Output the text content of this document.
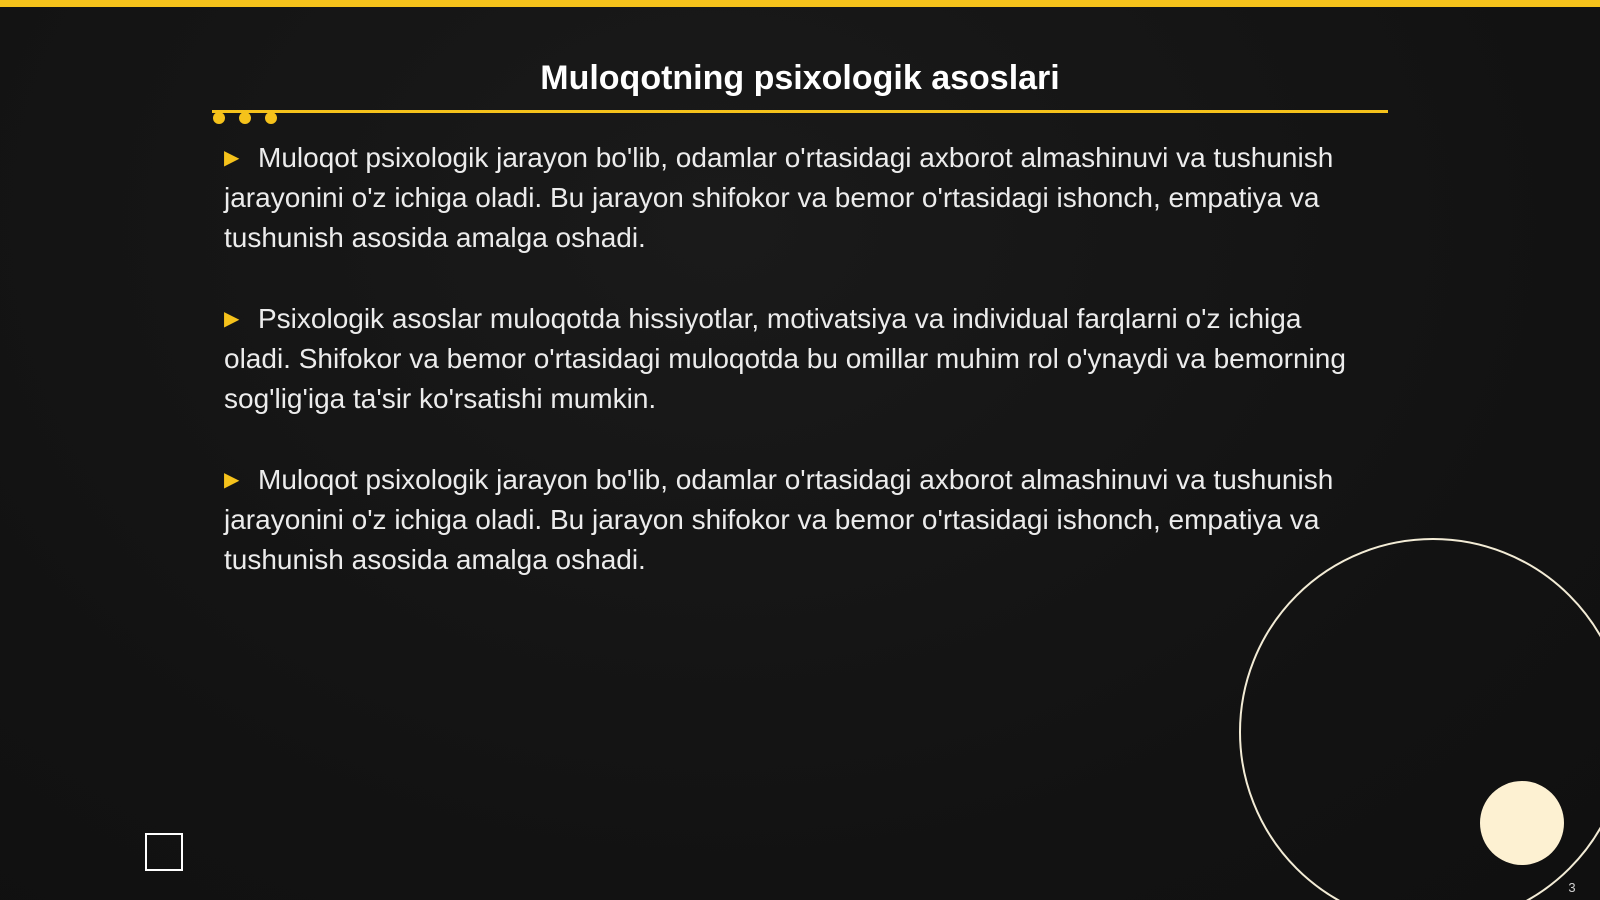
Muloqotning psixologik asoslari
▶ Muloqot psixologik jarayon bo'lib, odamlar o'rtasidagi axborot almashinuvi va tushunish jarayonini o'z ichiga oladi. Bu jarayon shifokor va bemor o'rtasidagi ishonch, empatiya va tushunish asosida amalga oshadi.
▶ Psixologik asoslar muloqotda hissiyotlar, motivatsiya va individual farqlarni o'z ichiga oladi. Shifokor va bemor o'rtasidagi muloqotda bu omillar muhim rol o'ynaydi va bemorning sog'lig'iga ta'sir ko'rsatishi mumkin.
▶ Muloqot psixologik jarayon bo'lib, odamlar o'rtasidagi axborot almashinuvi va tushunish jarayonini o'z ichiga oladi. Bu jarayon shifokor va bemor o'rtasidagi ishonch, empatiya va tushunish asosida amalga oshadi.
3
